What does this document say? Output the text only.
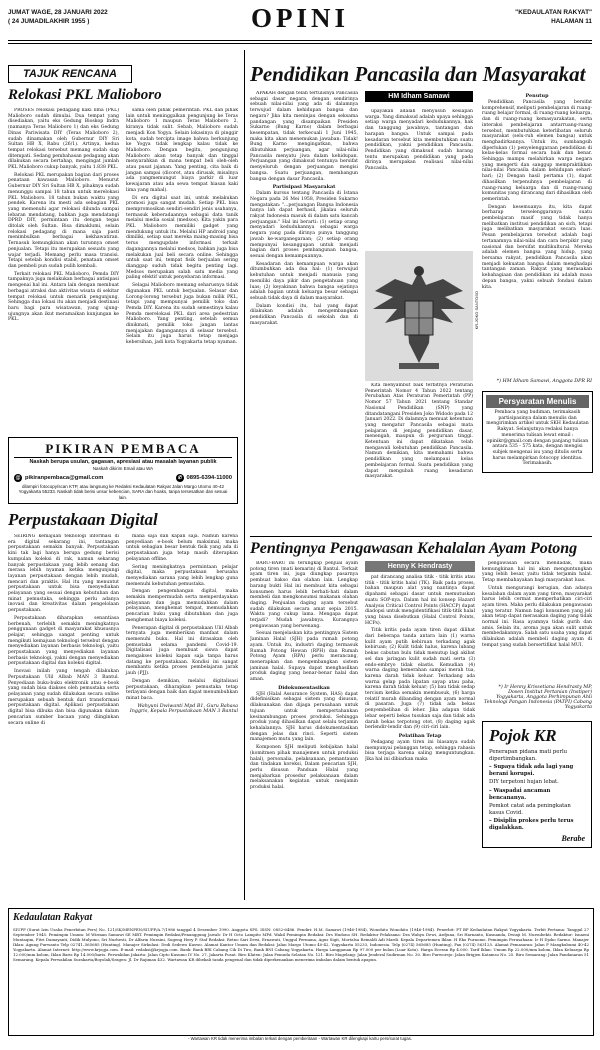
JUMAT WAGE, 28 JANUARI 2022
( 24 JUMADILAKHIR 1955 )	OPINI	"KEDAULATAN RAKYAT"
HALAMAN 11
TAJUK RENCANA
Relokasi PKL Malioboro

PROSES relokasi pedagang kaki lima (PKL) Malioboro sudah dimulai. Dua tempat yang disediakan, yaitu eks Gedung Bioskop Indra (namanya Teras Malioboro 1) dan eks Gedung Dinas Pariwisata DIY (Teras Malioboro 2), sudah dinamakan oleh Gubernur DIY Sri Sultan HB X, Rabu (26/1). Artinya, kedua tempat relokasi tersebut memang sudah siap ditempati. Sedang pembahasan pedagang akan dilakukan secara bertahap, mengingat jumlah PKL Malioboro cukup banyak, yaitu 1.838 PKL.

Relokasi PKL merupakan bagian dari proses penataan kawasan Malioboro. Menurut Gubernur DIY Sri Sultan HB X, pihaknya sudah menunggu sampai 18 tahun untuk merelokasi PKL Malioboro. 18 tahun bukan waktu yang pendek. Karena itu mesti ada sebagian PKL yang memenuhi agar relokasi dilunda sampai lebaran mendatang, bahkan juga mendatangi DPRD DIY, permintaan itu dengan tegas ditolak oleh Sultan. Bisa dimaklumi, selain relokasi pedagang di mana saja pasti menimbulkan berbagai kekhawatiran. Ternasuk kemungkinan akan turunnya omset penjualan. Tetapi itu merupakan sesuatu yang wajar terjadi. Memang perlu masa transisi. Tetapi setelah kondisi stabil, penataan omset dan pembeli pun sudah pulih kembali.

Terkait relokasi PKL Malioboro, Pemda DIY tampaknya juga melakukan berbagai antisipasi mengenai hal ini. Antara lain dengan membuat berbagai atraksi dan aktivitas wisata di sekitar tempat relokasi untuk menarik pengunjung. Sehingga dua lokasi itu akan menjadi destinasi baru bagi para wisatawan, yang ujung-ujungnya akan ikut meramaikan kunjungan ke PKL.

sama oleh pihak pemerintah. PKL dan pihak lain untuk meninggalkan pengunjung ke Teras Malioboro 1 maupun Teras Malioboro 2, kiranya tidak sulit. Sebab, Malioboro sudah menjadi Kon Yogya. Selain lokasinya di pinggir kota, sudah tercipta image bahwa berkunjung ke Yogya tidak lengkap kalau tidak ke Malioboro. Dengan begitu, pengunjung Malioboro akan tetap banyak dan tinggal menyarahkan di mana tempat beli oleh-oleh atau pusat jajanan. Yang penting, cita baik di jangan sampai (dicoret, atau dirusak, misalnya ada yangmemungut biaya parkir di luar kewajaran atau ada sewa tempat hiasan kaki lima yang mahal).

Di era digital saat ini, untuk melakukan promosi juga sangat mudah. Setiap PKL bisa mempromosikan sendiri-sendiri jenis usahanya, termasuk keberadaannya sebagai data tanik melalui media sosial (medsos). Kita yakin para PKL Malioboro memiliki gadget yang mendukung untuk itu. Melalui HP android yang dimiliki, setiap saat mereka maing-masing bisa terus mengupdate informasi terkait dagangannya melalui medsos, bahkan juga bisa melakukan jual beli secara online. Sehingga untuk saat ini, tempat fisik berjualan sering dianggap suduh tidak begitu penting lagi. Medsos merupakan salah satu media yang paling efektif untuk penyebaran informasi.

Selagai Malioboro memang seharusnya tidak digunakan PKL untuk berjualan. Selasar dan Lorong-lorong tersebut juga bukan milik PKL, tetapi yang mempunyai pemilik toko dan Pemda DIY. Karena itu sudah semestinya kalau Pemda merelokasi PKL dari area pedestrian Malioboro. Yang penting, setelah semua dinikmati, pemilik toko jangan lantas menjajakan dagangannya di selasar tersebut. Selain itu juga harus tetap menjaga kebersihan, jadi kota Yogyakarta tetap nyaman.

PIKIRAN PEMBACA
Naskah berupa usulan, gagasan, apresiasi atau masalah layanan publik
Naskah dikirim Email atau WA
@ pikiranpembaca@gmail.com	✆ 0895-6394-11000
dilampiri fotocopy/scan KTP, atau langsung ke Redaksi Kedaulatan Rakyat Jalan Margo Utomo 40-42 Yogyakarta 55233. Naskah tidak berisi unsur kebencian, SARA dan hoaks, tanpa tersesatkan dan sesuai lain.
Perpustakaan Digital

SEIRING kemajuan teknologi informasi di era digital sekarang ini, tantangan perpustakaan semakin banyak. Perpustakaan kini tak lagi hanya berupa gedung berisi kumpulan koleksi di rak, namun sekarang banyak perpustakaan yang lebih senang dan merasa lebih nyaman ketika mengunjungi layanan perpustakaan dengan lebih mudah, mencari dan praktis. Hal itu yang menuntut perpustakaan untuk bisa menyediakan pelayanan yang sesuai dengan kebutuhan dan minat pemustaka, sehingga perlu adanya inovasi dan kreativitas dalam pengelolaan perpustakaan.

Perpustakaan diharapkan senantiasa berbenah, terlebih semakin meningkatnya penggunaan gadget di masyarakat khususnya pelajar, sehingga sangat penting untuk mengikuti kemajuan teknologi tersebut dengan menyediakan layanan berbasis teknologi, yaitu perpustakaan yang menyediakan layanan berbasis teknologi, yakni dengan menyediakan perpustakaan digital dan koleksi digital.

Inovasi inilah yang tengah dilakukan Perpustakaan Ulil Albab MAN 3 Bantul. Penyediaan buku-buku elektronik atau e-book yang sudah bisa diakses oleh pemustaka serta pelayanan yang sudah dilakukan secara online merupakan sebuah bentuk dari transformasi perpustakaan digital. Aplikasi perpustakaan digital bisa dibuka dan bisa digunakan dalam pencarian sumber bacaan yang diinginkan secara online di

mana saja dan kapan saja. Namun karena penyediaan e-book belum maksimal, maka untuk sebagian besar bentuk fisik yang ada di perpustakaan juga tetap masih diterapkan pelayanan offline.

Sering meningkatnya permintaan pelajar digital, maka perpustakaan berusaha menyediakan sarana yang lebih lengkap guna memenuhi kebutuhan pemustaka.

Dengan pengembangan digital, maka semakin mempermudah serta memperdayakan pelayanan dan juga memudahkan dalam pelayanan, menghemat tempat, memudahkan pencarian buku yang dibutuhkan dan juga menghemat biaya koleksi.

Penerapan digital di perpustakaan Ulil Albab ternyata juga memberikan manfaat dalam memenuhi buku. Hal ini dirasakan oleh pemustaka selama pandemi Covid-19. Digitalisasi juga membuat siswa dapat mengakses koleksi kapan saja tanpa harus datang ke perpustakaan. Kondisi ini sangat membantu ketika proses pembelajaran jarak jauh (PJJ).

Dengan demikian, melalui digitalisasi perpustakaan, diharapkan pemustaka tetap terlayani dengan baik dan dapat menumbuhkan minat baca.

Wahyuni Dwiwanti Mpd B1, Guru Bahasa Inggris, Kepala Perpustakaan MAN 3 Bantul
Pendidikan Pancasila dan Masyarakat

APAKAH dengan telah tertulisnya Pancasila sebagai dasar negara, dengan sendirinya sebuah nilai-nilai yang ada di dalamnya terwujud dalam kehidupan bangsa dan negara? Jika kita meninjau dengan seksama pandangan yang disampaikan Presiden Sukarno (Bung Karno) dalam berbagai kesempatan, tidak terkecuali 1 Juni 1945, maka kita akan menemukan jawaban: Tidak! Bung Karno mengingatkan, bahwa dibutuhkan perjuangan, agar nilai-nilai Pancasila menyatu jiwa dalam kehidupan. Perjuangan yang dimaksud tentunya bersifat menyeluruh dengan perjuangan mengisi bangsa. Suatu perjuangan, membangun bangsa dengan dasar Pancasila.

Partisipasi Masyarakat

Dalam kursus tentang Pancasila di Istana Negara pada 26 Mei 1958, Presiden Sukarno mengatakan: "...perjuangan Bangsa Indonesia hanya lah dapat berhasil, jikalau seluruh rakyat Indonesia masuk di dalam satu kancah perjuangan." Hal ini berarti: (1) setiap orang menyadari kedudukannya sebagai warga negara yang pada dirinya punya tanggung jawab ke-warganegaraan; (2) setiap orang mempunyai kesanggupan untuk menjadi bagian dari proses pembangunan bangsa, sesuai dengan kemampuannya.

Kesadaran dan kemampuan warga akan ditumbuhkan ada dua hal: (1) terwujud kebutuhan untuk menjadi manusia yang memiliki daya pikir dan pengetahuan yang luas; (2) keyakinan bahwa bangsa sejatinya adalah bagian untuk keluarga besar sebagai sebuah tidak daya di dalam masyarakat.

Dalam kondisi itu, hal yang dapat dilakukan adalah mengembangkan pendidikan Pancasila di sekolah dan di masyarakat.

HM Idham Samawi

upayakan adalah menyusun kesiapan warga. Yang dimaksud adalah upaya sehingga setiap warga menyadari kedudukannya, hak dan tanggung jawabnya, tantangan dan harapan bangsa. Untuk sampai pada kesadaran tersebut kita membutuhkan suatu pendidikan, yakni pendidikan Pancasila. Pendidikan yang dimaksud sudah barang tentu merupakan pendidikan yang pada dirinya merupakan realisasi nilai-nilai Pancasila.

KR-JOKO SANTOSO

Kita menyambut baik terbitnya Peraturan Pemerintah Nomor 4 Tahun 2022 tentang Perubahan Atas Peraturan Pemerintah (PP) Nomor 57 Tahun 2021 tentang Standar Nasional Pendidikan (SNP) yang ditandatangani Presiden Joko Widodo pada 12 Januari 2022. Di dalamnya memuat ketentuan yang mengatur Pancasila sebagai mata pelajaran di jenjang pendidikan dasar, menengah, maupun di perguruan tinggi. Ketentuan ini dapat dikatakan telah mengawali kebutuhan pendidikan Pancasila. Namun demikian, kita memahami bahwa pendidikan yang melampaui kelas pembelajaran formal. Suatu pendidikan yang dapat mengubah ruang kesadaran masyarakat.

Penutup

Pendidikan Pancasila yang bersifat komprehensif, meliputi pembelajaran di ruang-ruang belajar formal, di ruang-ruang keluarga, dan di ruang-ruang kemasyarakatan, serta interaksi pembelajaran antarruang-ruang tersebut, membutuhkan keterlibatan seluruh masyarakat (selu-ruh elemen bangsa) untuk menghadirkannya. Untuk itu, sumbangsih diperlukan (1) penyelenggaraan pendidikan di kelas-kelas formal secara baik dan benar. Sehingga mampu melahirkan warga negara yang mengerti dan sanggup mempraktikkan nilai-nilai Pancasila dalam kehidupan sehari-hari; (2) Dengan hasil pertama (1), dapat dihasilkan terpenuhnya pembelajaran di ruang-ruang keluarga dan di ruang-ruang komunitas yang dirancang dari dihasilkan oleh pemerintah.

Dengan kesemuanya itu, kita dapat berharap terselenggaranya suatu pembelajaran masif yang tidak hanya melibatkan institusi pendidikan an sich, tetapi juga melibatkan masyarakat secara luas. Pesan pembelajaran tersebut adalah bagi tertanamnya nilai-nilai dan cara berpikir yang nasional dan bersifat multikultural. Mereka adalah elemen bangsa yang hidup, yang bersama rakyat, pendidikan Pancasila akan menjadi kekuatan bangsa dalam menghadapi tantangan zaman. Rakyat yang merasakan kebahagiaan dan pendidikan ini adalah masa depan bangsa, yakni sebuah fondasi dalam kita.

*) HM Idham Samawi, Anggota DPR RI
Persyaratan Menulis

Pembaca yang budiman, terimakasih partisipasinya dalam menulis dan mengirimkan artikel untuk SKH Kedaulatan Rakyat. Selanjutnya redaksi hanya menerima tulisan lewat email : opinikr@gmail.com dengan panjang tulisan antara 535 - 575 kata, dengan mengisi subjek mengenai isu yang ditulis serta harus melampirkan fotocopy identitas. Terimakasih.

Pentingnya Pengawasan Kehalalan Ayam Potong

BARU-BARU ini terungkap penjual ayam potong tiren (mati kemarin) di Bantul. Terkait ayam tiren ini, juga diungkap pasarnya pembuat bakso dan olahan lain. Lengkap barang bukti Hal ini membuat kita sebagai konsumen harus lebih berhati-hati dalam membeli dan mengkonsumsi makanan olahan daging. Penjualan daging ayam tersebut sudah dilakukan secara amat sepia 2015. Waktu yang cukup lama. Mengapa dapat terjadi? Mudah jawabnya. Kurangnya pengawasan yang berwenang.

Sesuai menjelaskan kita pentingnya Sistem Jaminan Halal (SJH) pada rumah potong ayam. Untuk itu, industri daging termasuk Rumah Potong Hewan (RPH) dan Rumah Potong Ayam (RPA) perlu merancang, menerapkan dan mengembangkan sistem jaminan halal. Supaya dapat menghasilkan produk daging yang benar-benar halal dan aman.

Didokumentasikan

SJH (Halal Assurance System, HAS) dapat didefinisikan sebagai sistem yang disusun, dilaksanakan dan dijaga perusahaan untuk tujuan untuk mempertahankan kesinambungan proses produksi. Sehingga produk yang dihasilkan dapat selalu terjamin kehalalannya. SJH harus didokumentasikan dengan jelas dan rinci. Seperti sistem manajemen mutu yang lain.

Komponen SJH meliputi kebijakan halal (komitmen pihak manajemen untuk produksi halal), personalia, pelaksanaan, pemantauan dan tindakan koreksi, Dalam pencarian SJH, perlu disusun Panduan Halal yang menjabarkan prosedur pelaksanaan dalam melaksanakan kegiatan untuk menjamin produksi halal.

Henny K Hendrasty

pat dirancang analisa titik - titik kritis atau titik - titik kritis halal (TK). Baik pada proses, bahan maupun alat yang nantinya dapat dipahami sebagai dasar untuk memutuskan suatu SOP-nya. Dalam hal ini konsep Hazard Analysis Critical Control Points (HACCP) dapat diadopsi untuk mengidentifikasi titik-titik halal yang biasa disebutkan (Halal Control Points, HCPs).

Titik kritis pada ayam tiren dapat dilihat dari beberapa tanda antara lain (1) warna kulit ayam putih kebiruan terkadang agak kebiruan; (2) Kulit tidak halus, karena lubang bekas cabutan bulu tidak menutup lagi akibat sel dan jaringan kulit sudah mati serta (3) endo-embryo tidak elastis. Kemudian (4) warna daging kemerahan sampai merah tua, karena darah tidak keluar. Terkadang ada warna gelap pada lipatan sayap atau paha, karena darah tidak keluar; (5) bau tidak sedap tercium ketika semakin membusuk, (6) harga relatif murah dibanding dengan ayam normal di pasaran. Juga (7) tidak ada bekas penyembelihan di leher. Jika adapun tidak lebar seperti bekas tusukan saja dan tidak ada darah bekas terpotong otot, (8) daging agak berlendir-lendir dan (9) ciri-ciri lain.

Pelatihan Tetap

Pedagang ayam tiren ini biasanya sudah mempunyai pelanggan tetap, sehingga rahasia bisa terjaga karena saling menguntungkan. Jika hal ini dibiarkan maka

pengawasan secara mendadak, maka kemungkinan hal ini akan menguntungkan yang lebih besar, yaitu tidak terjamin halal. Tetap membahayakan bagi masyarakat luas.

Untuk mengurangi kerugian, dan adanya kesalahan dalam ayam yang tiren, masyarakat harus lebih cermat memperhatikan ciri-ciri ayam tiren. Maka perlu dilakukan pengawasan yang teratur. Namun bagi konsumen yang jeli akan tetap dapat merasakan daging yang tidak normal ini. Rasa ayamnya tidak gurih dan amis. Selain itu, aroma juga akan sulit untuk membedakannya. Salah satu usaha yang dapat dilakukan adalah membeli daging ayam di tempat yang sudah bersertifikat halal MUI.

*) Ir Henny Krissetiana Hendrasty MP, Dosen Institut Pertanian (Instiper) Yogyakarta, Anggota Perhimpunan Ahli Teknologi Pangan Indonesia (PATPI) Cabang Yogyakarta
Pojok KR

Penerapan pidana mati perlu dipertimbangkan.

– Supaya tidak ada lagi yang berani korupsi.

DIY terpetoni hujan lebat.

– Waspadai ancaman bencananya.

Pemkot catat ada peningkatan kasus Covid.

– Disiplin prokes perlu terus digalakkan.

Berabe
Kedaulatan Rakyat
SIUPP (Surat Izin Usaha Penerbitan Pers) No. 121/SK/MENPEN/SIUPP/A.7/1986 tanggal 4 Desember 1990. Anggota SPS. ISSN: 0852-6486. Pendiri: H.M. Samawi (1946-1984), Wonohito Wonohito (1946-1984). Penerbit: PT BP Kedaulatan Rakyat Yogyakarta. Terbit Pertama: Tanggal 27 September 1945. Pemimpin Umum: M Wirman Samawi SE MBT. Pemimpin Redaksi/Penanggung Jawab: Dr H Octo Lampito MPd. Wakil Pemimpin Redaksi: Drs Hudono SH. Redaktur Pelaksana: Dra Wahyu Dewi, Ardjuna, Sri Harnanto, Kusnanda, Dwiaji M. Nursubekti. Redaktur: Isnaeni Muntaqim, Fitri Damayanti, Didik Mulyono, Sri Nurhesti, Dr Alfarin Nuraini, Sugeng Hery P. Staf Redaksi: Retno Sari Dewi, Ernawati, Unggul Permana, Agus Sigit, Mortalsa Reinaldi Adi Mardi. Kepala Departemen Iklan: H Eko Purnomo. Pemimpin Perusahaan: Ir H Djoko Sarmo. Manajer Iklan: Agung Purwanto Telp 02741–565685 (Hunting). Manajer Sirkulasi: Dedi Sedewo Kuswo. Alamat Kantor Umum dan Redaksi: Jalan Margo Utomo 40-42, Yogyakarta 55233, Indonesia. Telp (0274) 565685 (Hunting), Fax (0274) 563125. Alamat Pemasaran: Jalan P Mangkubumi 40-42 Yogyakarta. Alamat Internet: http://www.krjogja.com. E-mail: redaksi@krjogja.com. Bank: Bank BRI Cabang Cik Di Tiro, Bank BNI Cabang Yogyakarta. Harga Langganan Rp 97.000 per bulan (Luar Kota). Harga Eceran Rp 4.000. Tarif Iklan: Umum Rp 22.000/mm kolom, Iklan Keluarga Rp 12.000/mm kolom, Iklan Baris Rp 14.000/baris. Perwakilan Jakarta: Jalan Cipto Kusumo IV No. 27, Jakarta Pusat. Biro Klaten: Jalan Pemuda Selatan No. 121. Biro Magelang: Jalan Jenderal Sudirman No. 30. Biro Purworejo: Jalan Brigjen Katamso No. 25. Biro Semarang: Jalan Pandanaran 51 Semarang. Kepala Perwakilan Surakarta/Boyolali/Sragen: Jl. Dr Rajiman 432. Wartawan KR dibekali tanda pengenal dan tidak diperkenankan menerima imbalan dalam bentuk apapun.
- Wartawan KR tidak menerima imbalan terkait dengan pemberitaan - Wartawan KR dilengkapi kartu pers/surat tugas.
